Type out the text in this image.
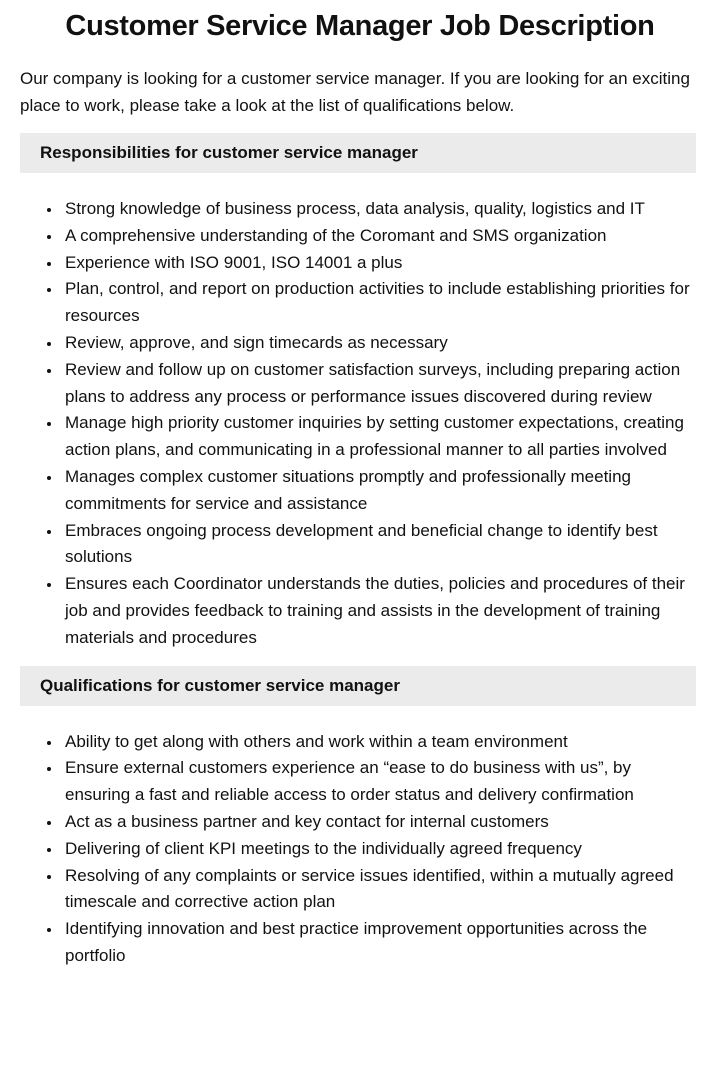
Customer Service Manager Job Description

Our company is looking for a customer service manager. If you are looking for an exciting place to work, please take a look at the list of qualifications below.

Responsibilities for customer service manager
• Strong knowledge of business process, data analysis, quality, logistics and IT
• A comprehensive understanding of the Coromant and SMS organization
• Experience with ISO 9001, ISO 14001 a plus
• Plan, control, and report on production activities to include establishing priorities for resources
• Review, approve, and sign timecards as necessary
• Review and follow up on customer satisfaction surveys, including preparing action plans to address any process or performance issues discovered during review
• Manage high priority customer inquiries by setting customer expectations, creating action plans, and communicating in a professional manner to all parties involved
• Manages complex customer situations promptly and professionally meeting commitments for service and assistance
• Embraces ongoing process development and beneficial change to identify best solutions
• Ensures each Coordinator understands the duties, policies and procedures of their job and provides feedback to training and assists in the development of training materials and procedures
Qualifications for customer service manager
• Ability to get along with others and work within a team environment
• Ensure external customers experience an “ease to do business with us”, by ensuring a fast and reliable access to order status and delivery confirmation
• Act as a business partner and key contact for internal customers
• Delivering of client KPI meetings to the individually agreed frequency
• Resolving of any complaints or service issues identified, within a mutually agreed timescale and corrective action plan
• Identifying innovation and best practice improvement opportunities across the portfolio
